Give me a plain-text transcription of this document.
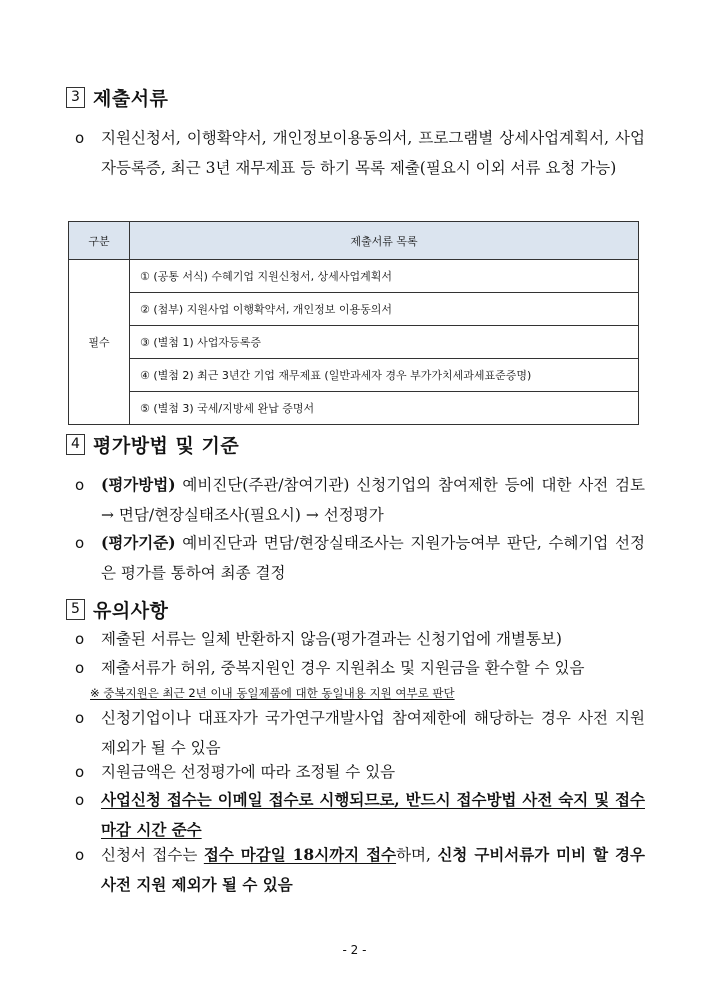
3 제출서류
o	지원신청서, 이행확약서, 개인정보이용동의서, 프로그램별 상세사업계획서, 사업자등록증, 최근 3년 재무제표 등 하기 목록 제출(필요시 이외 서류 요청 가능)
구분	제출서류 목록
필수	① (공통 서식) 수혜기업 지원신청서, 상세사업계획서
	② (첨부) 지원사업 이행확약서, 개인정보 이용동의서
	③ (별첨 1) 사업자등록증
	④ (별첨 2) 최근 3년간 기업 재무제표 (일반과세자 경우 부가가치세과세표준증명)
	⑤ (별첨 3) 국세/지방세 완납 증명서
4 평가방법 및 기준
o	(평가방법) 예비진단(주관/참여기관) 신청기업의 참여제한 등에 대한 사전 검토 → 면담/현장실태조사(필요시) → 선정평가
o	(평가기준) 예비진단과 면담/현장실태조사는 지원가능여부 판단, 수혜기업 선정은 평가를 통하여 최종 결정
5 유의사항
o	제출된 서류는 일체 반환하지 않음(평가결과는 신청기업에 개별통보)
o	제출서류가 허위, 중복지원인 경우 지원취소 및 지원금을 환수할 수 있음
※ 중복지원은 최근 2년 이내 동일제품에 대한 동일내용 지원 여부로 판단
o	신청기업이나 대표자가 국가연구개발사업 참여제한에 해당하는 경우 사전 지원 제외가 될 수 있음
o	지원금액은 선정평가에 따라 조정될 수 있음
o	사업신청 접수는 이메일 접수로 시행되므로, 반드시 접수방법 사전 숙지 및 접수마감 시간 준수
o	신청서 접수는 접수 마감일 18시까지 접수하며, 신청 구비서류가 미비 할 경우 사전 지원 제외가 될 수 있음
- 2 -
